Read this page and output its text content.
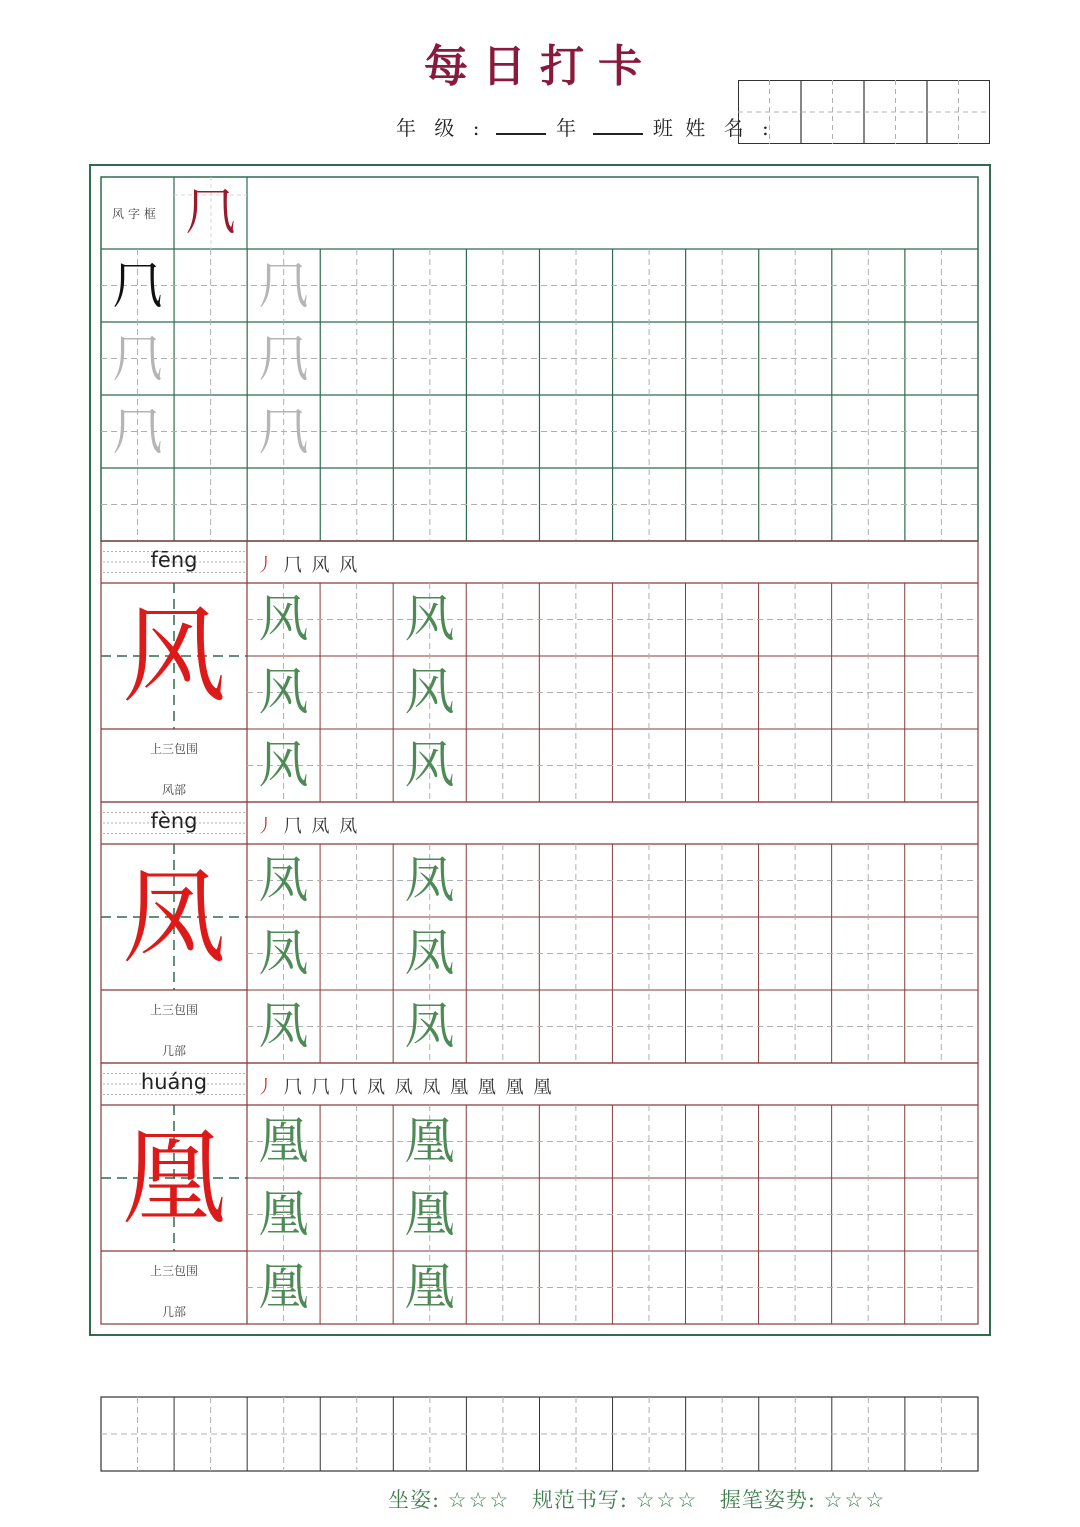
每日打卡
年 级 :	年	班 姓 名 :
风字框 ⺇
⺇ ⺇
⺇ ⺇
⺇ ⺇
fēng	丿 ⺇ 风 风
风
上三包围
风部
风 风
风 风
风 风
fèng	丿 ⺇ 凤 凤
凤
上三包围
几部
凤 凤
凤 凤
凤 凤
huáng	丿 ⺇ ⺇ ⺇ 凤 凤 凤 凰 凰 凰 凰
凰
上三包围
几部
凰 凰
凰 凰
凰 凰
坐姿: ☆☆☆ 规范书写: ☆☆☆ 握笔姿势: ☆☆☆
